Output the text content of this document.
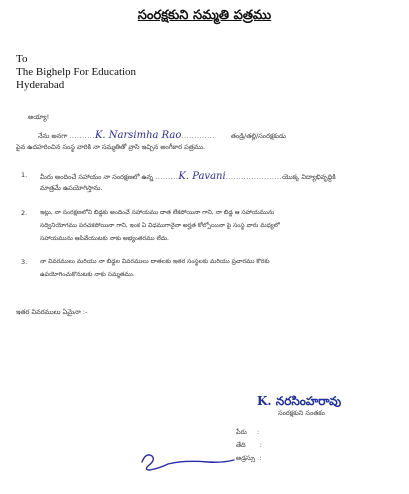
సంరక్షకుని సమ్మతి పత్రము
To
The Bighelp For Education
Hyderabad
అయ్యా!
నేను అనగా ..........K. Narsimha Rao............. తండ్రి/తల్లి/సంరక్షకుడు
పైన ఉదహరించిన సంస్థ వారికి నా సమ్మతితో వ్రాసి ఇచ్చిన అంగీకార పత్రము.
1. మీరు అందించే సహాయం నా సంరక్షణలో ఉన్న .........K. Pavani......................యొక్క విద్యాభివృద్ధికి
మాత్రమే ఉపయోగిస్తాను.
2. ఇట్లు, నా సంరక్షణలోని బిడ్డకు అందించే సహాయము దాత లేకపోయినా గాని, నా బిడ్డ ఆ సహాయమును
సద్వినియోగము పరచకపోయినా గాని, ఇంక ఏ విధముగానైనా అర్హత కోల్పోయినా పై సంస్థ వారు మధ్యలో
సహాయమును ఆపివేయుటకు నాకు అభ్యంతరము లేదు.
3. నా వివరములు మరియు నా బిడ్డల వివరములు దాతలకు ఇతర సంస్థలకు మరియు ప్రచారము కొరకు
ఉపయోగించుకొనుటకు నాకు సమ్మతము.
ఇతర వివరములు ఏమైనా :-
K. నరసింహరావు
సంరక్షకుని సంతకం
పేరు :
తేది :
అడ్రస్సు :
